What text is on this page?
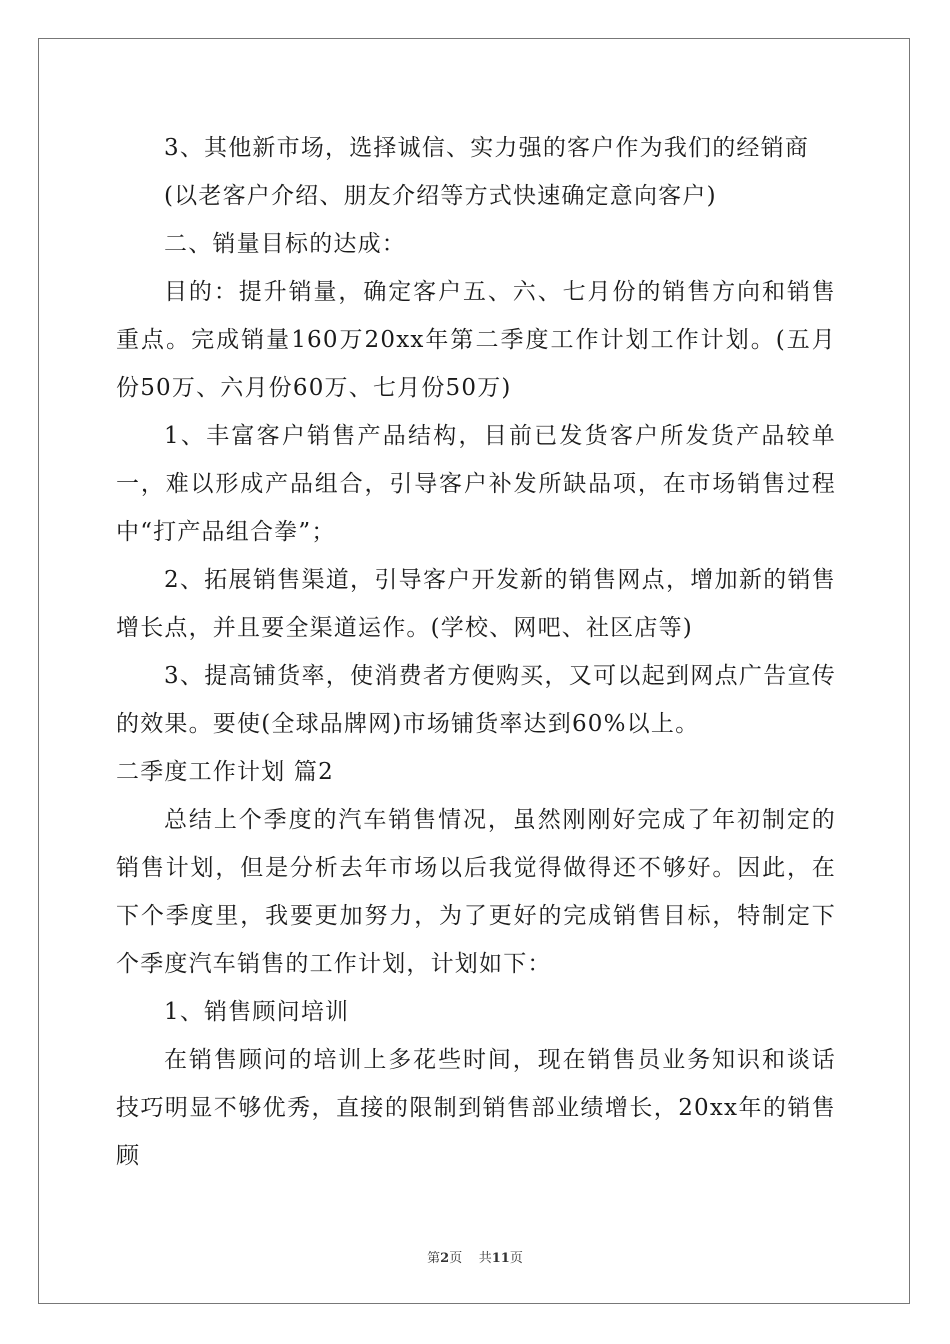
3、其他新市场，选择诚信、实力强的客户作为我们的经销商

(以老客户介绍、朋友介绍等方式快速确定意向客户)

二、销量目标的达成：

目的：提升销量，确定客户五、六、七月份的销售方向和销售重点。完成销量160万20xx年第二季度工作计划工作计划。(五月份50万、六月份60万、七月份50万)

1、丰富客户销售产品结构，目前已发货客户所发货产品较单一，难以形成产品组合，引导客户补发所缺品项，在市场销售过程中“打产品组合拳”；

2、拓展销售渠道，引导客户开发新的销售网点，增加新的销售增长点，并且要全渠道运作。(学校、网吧、社区店等)

3、提高铺货率，使消费者方便购买，又可以起到网点广告宣传的效果。要使(全球品牌网)市场铺货率达到60%以上。

二季度工作计划 篇2

总结上个季度的汽车销售情况，虽然刚刚好完成了年初制定的销售计划，但是分析去年市场以后我觉得做得还不够好。因此，在下个季度里，我要更加努力，为了更好的完成销售目标，特制定下个季度汽车销售的工作计划，计划如下：

1、销售顾问培训

在销售顾问的培训上多花些时间，现在销售员业务知识和谈话技巧明显不够优秀，直接的限制到销售部业绩增长，20xx年的销售顾

第2页 共11页
